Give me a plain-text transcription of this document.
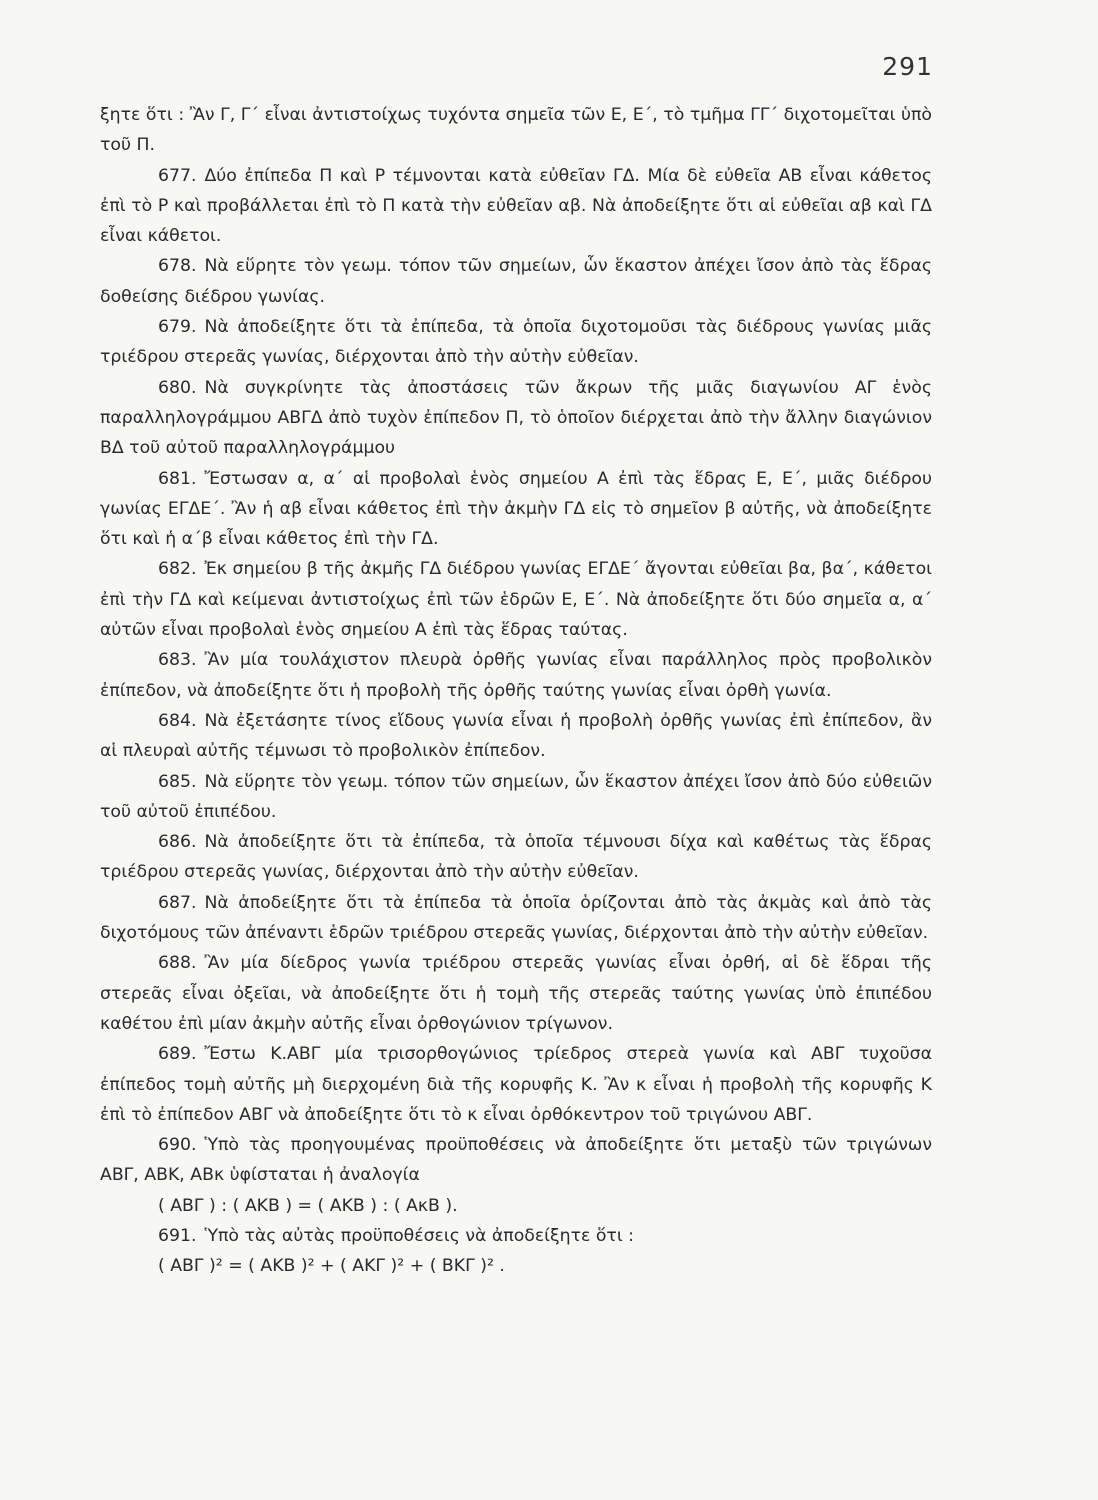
291

ξητε ὅτι : Ἂν Γ, Γ΄ εἶναι ἀντιστοίχως τυχόντα σημεῖα τῶν Ε, Ε΄, τὸ τμῆμα ΓΓ΄ διχοτομεῖται ὑπὸ τοῦ Π.

677. Δύο ἐπίπεδα Π καὶ Ρ τέμνονται κατὰ εὐθεῖαν ΓΔ. Μία δὲ εὐθεῖα ΑΒ εἶναι κάθετος ἐπὶ τὸ Ρ καὶ προβάλλεται ἐπὶ τὸ Π κατὰ τὴν εὐθεῖαν αβ. Νὰ ἀποδείξητε ὅτι αἱ εὐθεῖαι αβ καὶ ΓΔ εἶναι κάθετοι.

678. Νὰ εὕρητε τὸν γεωμ. τόπον τῶν σημείων, ὧν ἕκαστον ἀπέχει ἴσον ἀπὸ τὰς ἕδρας δοθείσης διέδρου γωνίας.

679. Νὰ ἀποδείξητε ὅτι τὰ ἐπίπεδα, τὰ ὁποῖα διχοτομοῦσι τὰς διέδρους γωνίας μιᾶς τριέδρου στερεᾶς γωνίας, διέρχονται ἀπὸ τὴν αὐτὴν εὐθεῖαν.

680. Νὰ συγκρίνητε τὰς ἀποστάσεις τῶν ἄκρων τῆς μιᾶς διαγωνίου ΑΓ ἑνὸς παραλληλογράμμου ΑΒΓΔ ἀπὸ τυχὸν ἐπίπεδον Π, τὸ ὁποῖον διέρχεται ἀπὸ τὴν ἄλλην διαγώνιον ΒΔ τοῦ αὐτοῦ παραλληλογράμμου

681. Ἔστωσαν α, α΄ αἱ προβολαὶ ἑνὸς σημείου Α ἐπὶ τὰς ἕδρας Ε, Ε΄, μιᾶς διέδρου γωνίας ΕΓΔΕ΄. Ἂν ἡ αβ εἶναι κάθετος ἐπὶ τὴν ἀκμὴν ΓΔ εἰς τὸ σημεῖον β αὐτῆς, νὰ ἀποδείξητε ὅτι καὶ ἡ α΄β εἶναι κάθετος ἐπὶ τὴν ΓΔ.

682. Ἐκ σημείου β τῆς ἀκμῆς ΓΔ διέδρου γωνίας ΕΓΔΕ΄ ἄγονται εὐθεῖαι βα, βα΄, κάθετοι ἐπὶ τὴν ΓΔ καὶ κείμεναι ἀντιστοίχως ἐπὶ τῶν ἑδρῶν Ε, Ε΄. Νὰ ἀποδείξητε ὅτι δύο σημεῖα α, α΄ αὐτῶν εἶναι προβολαὶ ἑνὸς σημείου Α ἐπὶ τὰς ἕδρας ταύτας.

683. Ἂν μία τουλάχιστον πλευρὰ ὀρθῆς γωνίας εἶναι παράλληλος πρὸς προβολικὸν ἐπίπεδον, νὰ ἀποδείξητε ὅτι ἡ προβολὴ τῆς ὀρθῆς ταύτης γωνίας εἶναι ὀρθὴ γωνία.

684. Νὰ ἐξετάσητε τίνος εἴδους γωνία εἶναι ἡ προβολὴ ὀρθῆς γωνίας ἐπὶ ἐπίπεδον, ἂν αἱ πλευραὶ αὐτῆς τέμνωσι τὸ προβολικὸν ἐπίπεδον.

685. Νὰ εὕρητε τὸν γεωμ. τόπον τῶν σημείων, ὧν ἕκαστον ἀπέχει ἴσον ἀπὸ δύο εὐθειῶν τοῦ αὐτοῦ ἐπιπέδου.

686. Νὰ ἀποδείξητε ὅτι τὰ ἐπίπεδα, τὰ ὁποῖα τέμνουσι δίχα καὶ καθέτως τὰς ἕδρας τριέδρου στερεᾶς γωνίας, διέρχονται ἀπὸ τὴν αὐτὴν εὐθεῖαν.

687. Νὰ ἀποδείξητε ὅτι τὰ ἐπίπεδα τὰ ὁποῖα ὁρίζονται ἀπὸ τὰς ἀκμὰς καὶ ἀπὸ τὰς διχοτόμους τῶν ἀπέναντι ἑδρῶν τριέδρου στερεᾶς γωνίας, διέρχονται ἀπὸ τὴν αὐτὴν εὐθεῖαν.

688. Ἂν μία δίεδρος γωνία τριέδρου στερεᾶς γωνίας εἶναι ὀρθή, αἱ δὲ ἕδραι τῆς στερεᾶς εἶναι ὀξεῖαι, νὰ ἀποδείξητε ὅτι ἡ τομὴ τῆς στερεᾶς ταύτης γωνίας ὑπὸ ἐπιπέδου καθέτου ἐπὶ μίαν ἀκμὴν αὐτῆς εἶναι ὀρθογώνιον τρίγωνον.

689. Ἔστω Κ.ΑΒΓ μία τρισορθογώνιος τρίεδρος στερεὰ γωνία καὶ ΑΒΓ τυχοῦσα ἐπίπεδος τομὴ αὐτῆς μὴ διερχομένη διὰ τῆς κορυφῆς Κ. Ἂν κ εἶναι ἡ προβολὴ τῆς κορυφῆς Κ ἐπὶ τὸ ἐπίπεδον ΑΒΓ νὰ ἀποδείξητε ὅτι τὸ κ εἶναι ὀρθόκεντρον τοῦ τριγώνου ΑΒΓ.

690. Ὑπὸ τὰς προηγουμένας προϋποθέσεις νὰ ἀποδείξητε ὅτι μεταξὺ τῶν τριγώνων ΑΒΓ, ΑΒΚ, ΑΒκ ὑφίσταται ἡ ἀναλογία
( ΑΒΓ ) : ( ΑΚΒ ) = ( ΑΚΒ ) : ( ΑκΒ ).

691. Ὑπὸ τὰς αὐτὰς προϋποθέσεις νὰ ἀποδείξητε ὅτι :
( ΑΒΓ )² = ( ΑΚΒ )² + ( ΑΚΓ )² + ( ΒΚΓ )² .
